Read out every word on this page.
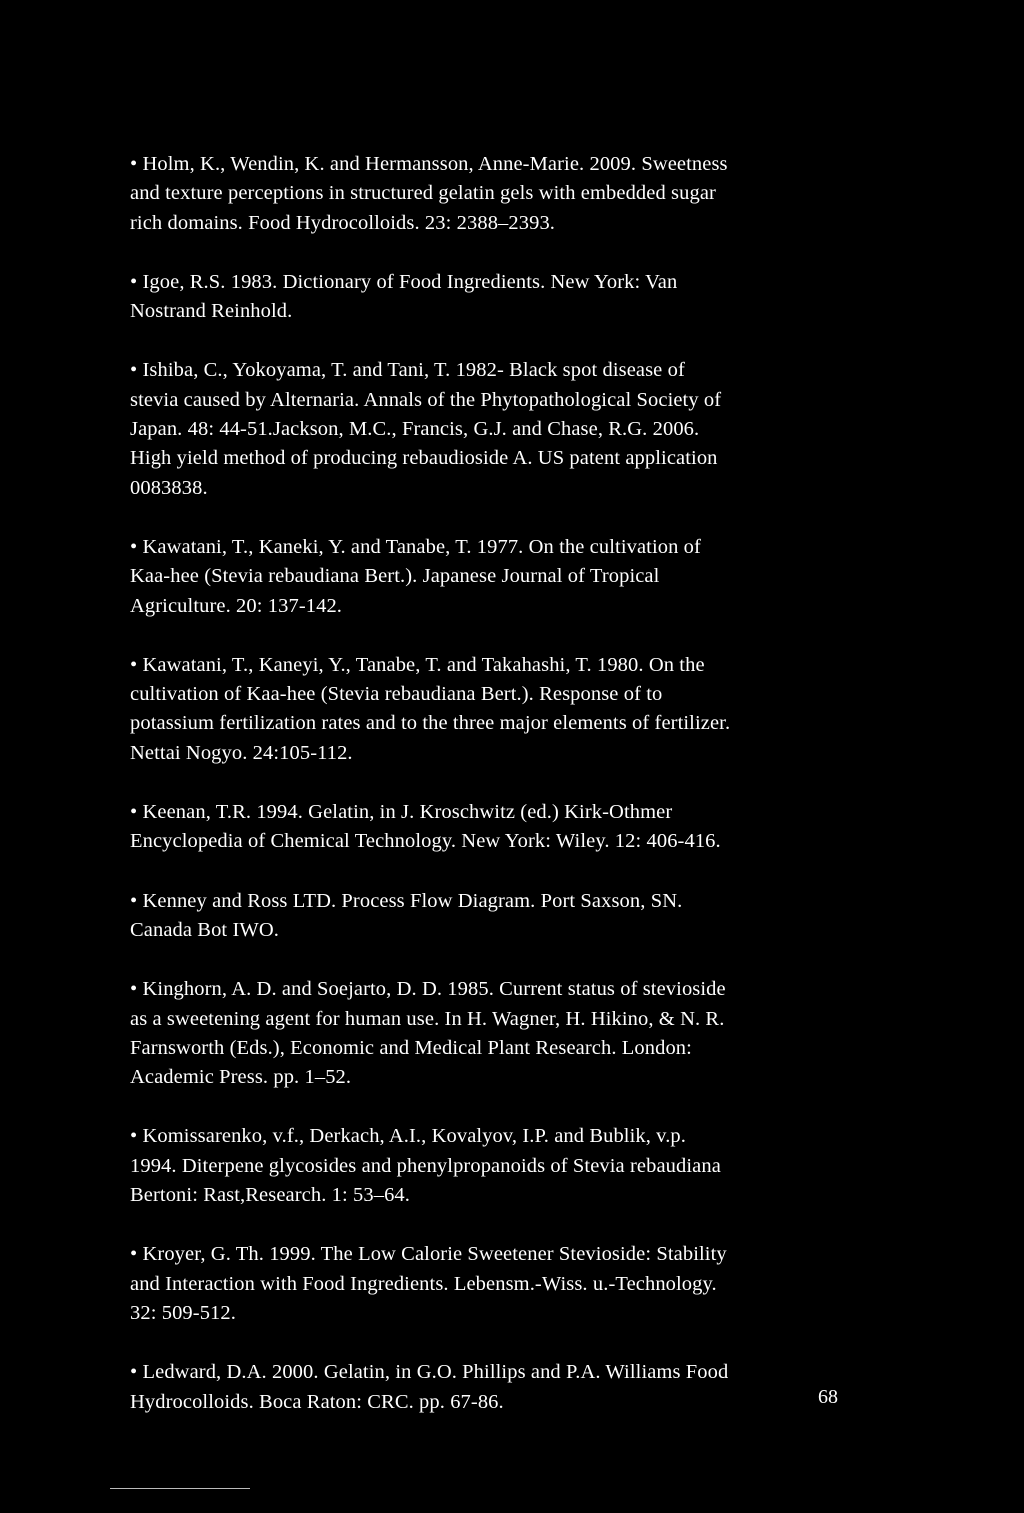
• Holm, K., Wendin, K. and Hermansson, Anne-Marie. 2009. Sweetness
and texture perceptions in structured gelatin gels with embedded sugar
rich domains. Food Hydrocolloids. 23: 2388–2393.
• Igoe, R.S. 1983. Dictionary of Food Ingredients. New York: Van
Nostrand Reinhold.
• Ishiba, C., Yokoyama, T. and Tani, T. 1982- Black spot disease of
stevia caused by Alternaria. Annals of the Phytopathological Society of
Japan. 48: 44-51.Jackson, M.C., Francis, G.J. and Chase, R.G. 2006.
High yield method of producing rebaudioside A. US patent application
0083838.
• Kawatani, T., Kaneki, Y. and Tanabe, T. 1977. On the cultivation of
Kaa-hee (Stevia rebaudiana Bert.). Japanese Journal of Tropical
Agriculture. 20: 137-142.
• Kawatani, T., Kaneyi, Y., Tanabe, T. and Takahashi, T. 1980. On the
cultivation of Kaa-hee (Stevia rebaudiana Bert.). Response of to
potassium fertilization rates and to the three major elements of fertilizer.
Nettai Nogyo. 24:105-112.
• Keenan, T.R. 1994. Gelatin, in J. Kroschwitz (ed.) Kirk-Othmer
Encyclopedia of Chemical Technology. New York: Wiley. 12: 406-416.
• Kenney and Ross LTD. Process Flow Diagram. Port Saxson, SN.
Canada Bot IWO.
• Kinghorn, A. D. and Soejarto, D. D. 1985. Current status of stevioside
as a sweetening agent for human use. In H. Wagner, H. Hikino, & N. R.
Farnsworth (Eds.), Economic and Medical Plant Research. London:
Academic Press. pp. 1–52.
• Komissarenko, v.f., Derkach, A.I., Kovalyov, I.P. and Bublik, v.p.
1994. Diterpene glycosides and phenylpropanoids of Stevia rebaudiana
Bertoni: Rast,Research. 1: 53–64.
• Kroyer, G. Th. 1999. The Low Calorie Sweetener Stevioside: Stability
and Interaction with Food Ingredients. Lebensm.-Wiss. u.-Technology.
32: 509-512.
• Ledward, D.A. 2000. Gelatin, in G.O. Phillips and P.A. Williams Food
Hydrocolloids. Boca Raton: CRC. pp. 67-86.	68
